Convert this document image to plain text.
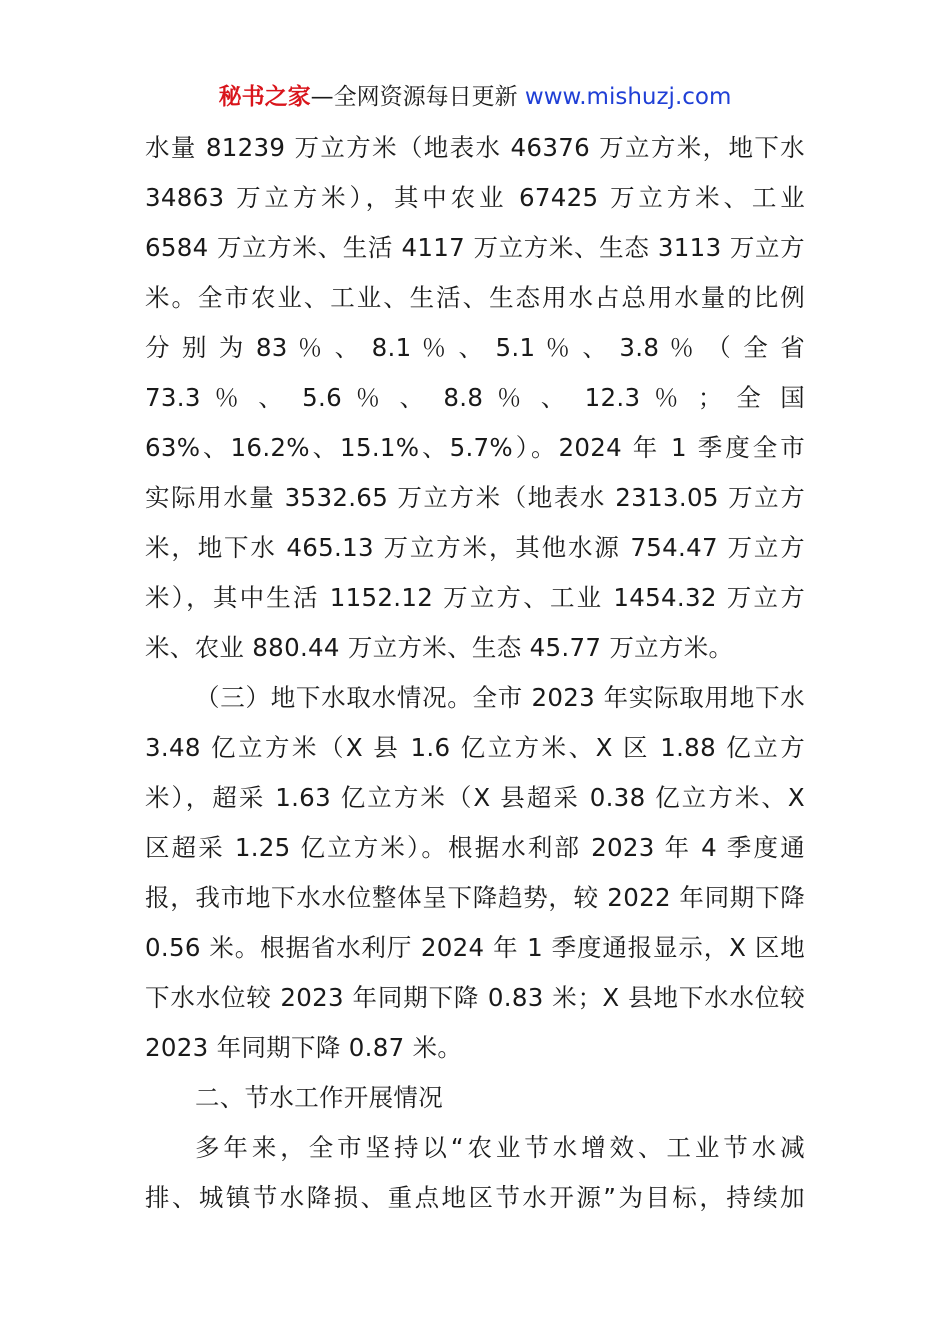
秘书之家—全网资源每日更新 www.mishuzj.com

水量 81239 万立方米（地表水 46376 万立方米，地下水
34863 万立方米），其中农业 67425 万立方米、工业
6584 万立方米、生活 4117 万立方米、生态 3113 万立方
米。全市农业、工业、生活、生态用水占总用水量的比例
分 别 为 83 ％ 、 8.1 ％ 、 5.1 ％ 、 3.8 ％ （ 全 省
73.3 ％ 、 5.6 ％ 、 8.8 ％ 、 12.3 ％ ； 全 国
63%、16.2%、15.1%、5.7%）。2024 年 1 季度全市
实际用水量 3532.65 万立方米（地表水 2313.05 万立方
米，地下水 465.13 万立方米，其他水源 754.47 万立方
米），其中生活 1152.12 万立方、工业 1454.32 万立方
米、农业 880.44 万立方米、生态 45.77 万立方米。

（三）地下水取水情况。全市 2023 年实际取用地下水
3.48 亿立方米（X 县 1.6 亿立方米、X 区 1.88 亿立方
米），超采 1.63 亿立方米（X 县超采 0.38 亿立方米、X
区超采 1.25 亿立方米）。根据水利部 2023 年 4 季度通
报，我市地下水水位整体呈下降趋势，较 2022 年同期下降
0.56 米。根据省水利厅 2024 年 1 季度通报显示，X 区地
下水水位较 2023 年同期下降 0.83 米；X 县地下水水位较
2023 年同期下降 0.87 米。

二、节水工作开展情况

多年来，全市坚持以“农业节水增效、工业节水减
排、城镇节水降损、重点地区节水开源”为目标，持续加
